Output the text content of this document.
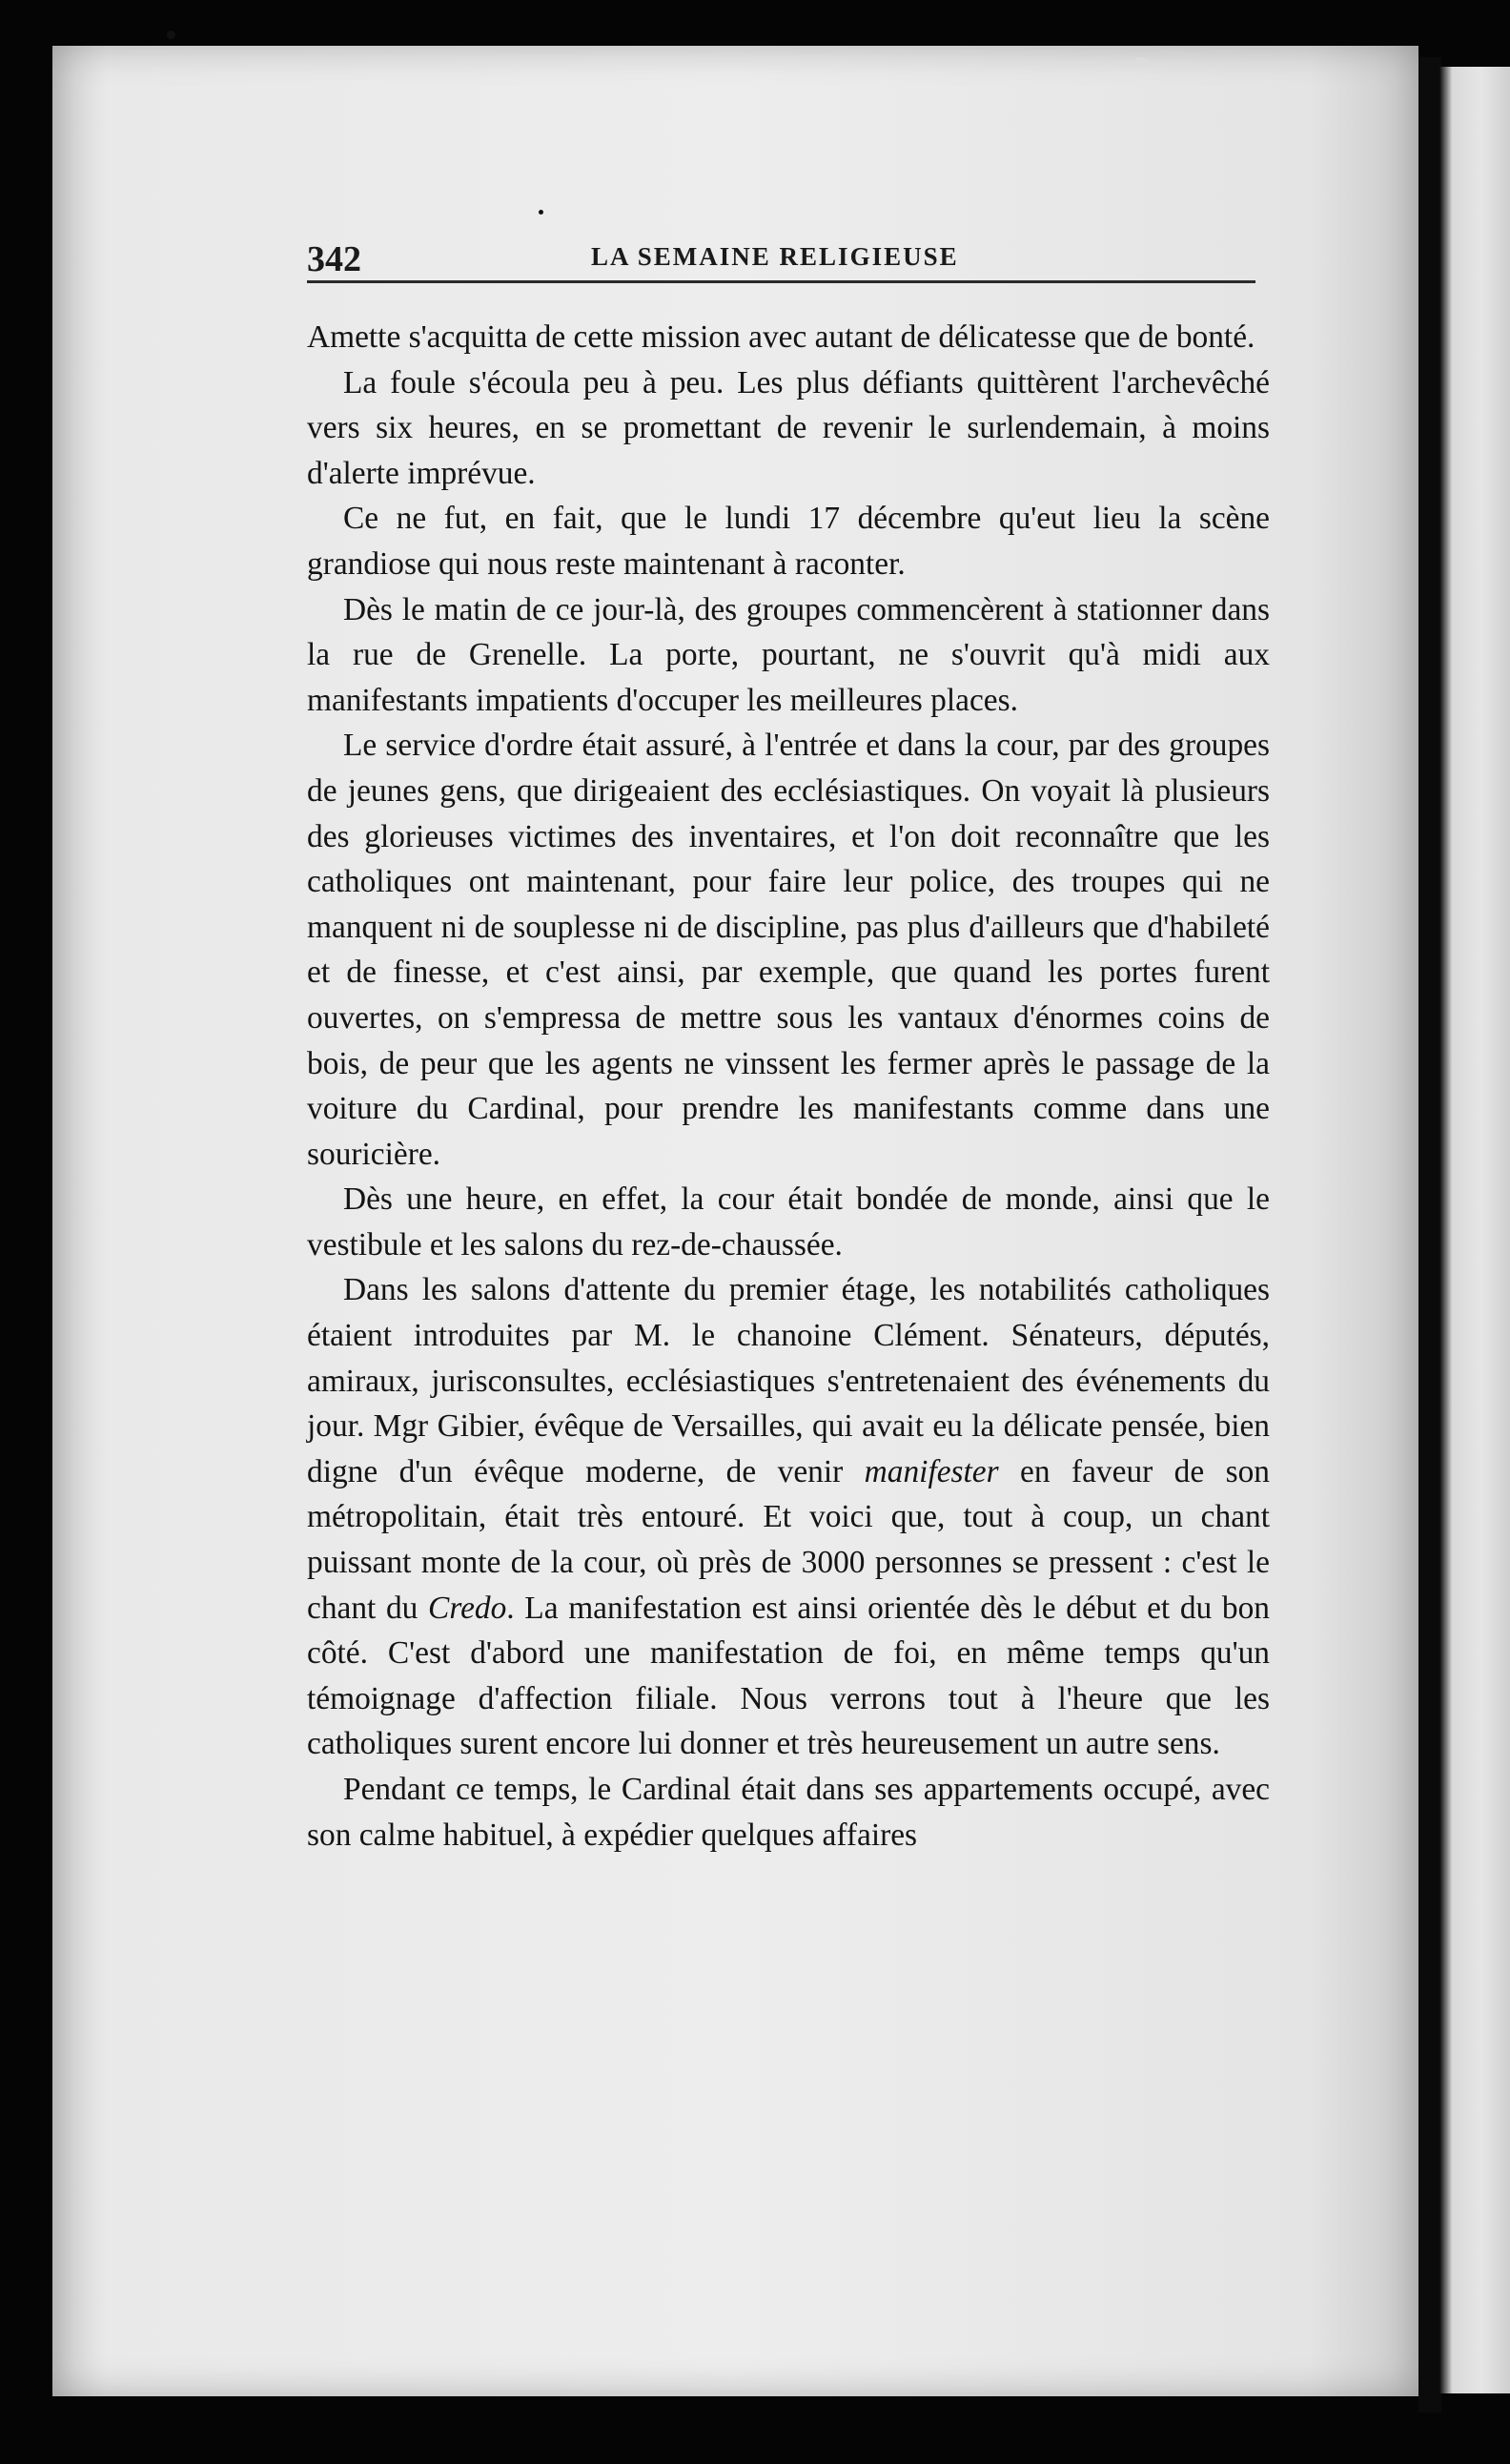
342	LA SEMAINE RELIGIEUSE

Amette s'acquitta de cette mission avec autant de délicatesse que de bonté.

La foule s'écoula peu à peu. Les plus défiants quittèrent l'archevêché vers six heures, en se promettant de revenir le surlendemain, à moins d'alerte imprévue.

Ce ne fut, en fait, que le lundi 17 décembre qu'eut lieu la scène grandiose qui nous reste maintenant à raconter.

Dès le matin de ce jour-là, des groupes commencèrent à stationner dans la rue de Grenelle. La porte, pourtant, ne s'ouvrit qu'à midi aux manifestants impatients d'occuper les meilleures places.

Le service d'ordre était assuré, à l'entrée et dans la cour, par des groupes de jeunes gens, que dirigeaient des ecclésiastiques. On voyait là plusieurs des glorieuses victimes des inventaires, et l'on doit reconnaître que les catholiques ont maintenant, pour faire leur police, des troupes qui ne manquent ni de souplesse ni de discipline, pas plus d'ailleurs que d'habileté et de finesse, et c'est ainsi, par exemple, que quand les portes furent ouvertes, on s'empressa de mettre sous les vantaux d'énormes coins de bois, de peur que les agents ne vinssent les fermer après le passage de la voiture du Cardinal, pour prendre les manifestants comme dans une souricière.

Dès une heure, en effet, la cour était bondée de monde, ainsi que le vestibule et les salons du rez-de-chaussée.

Dans les salons d'attente du premier étage, les notabilités catholiques étaient introduites par M. le chanoine Clément. Sénateurs, députés, amiraux, jurisconsultes, ecclésiastiques s'entretenaient des événements du jour. Mgr Gibier, évêque de Versailles, qui avait eu la délicate pensée, bien digne d'un évêque moderne, de venir manifester en faveur de son métropolitain, était très entouré. Et voici que, tout à coup, un chant puissant monte de la cour, où près de 3000 personnes se pressent : c'est le chant du Credo. La manifestation est ainsi orientée dès le début et du bon côté. C'est d'abord une manifestation de foi, en même temps qu'un témoignage d'affection filiale. Nous verrons tout à l'heure que les catholiques surent encore lui donner et très heureusement un autre sens.

Pendant ce temps, le Cardinal était dans ses appartements occupé, avec son calme habituel, à expédier quelques affaires
